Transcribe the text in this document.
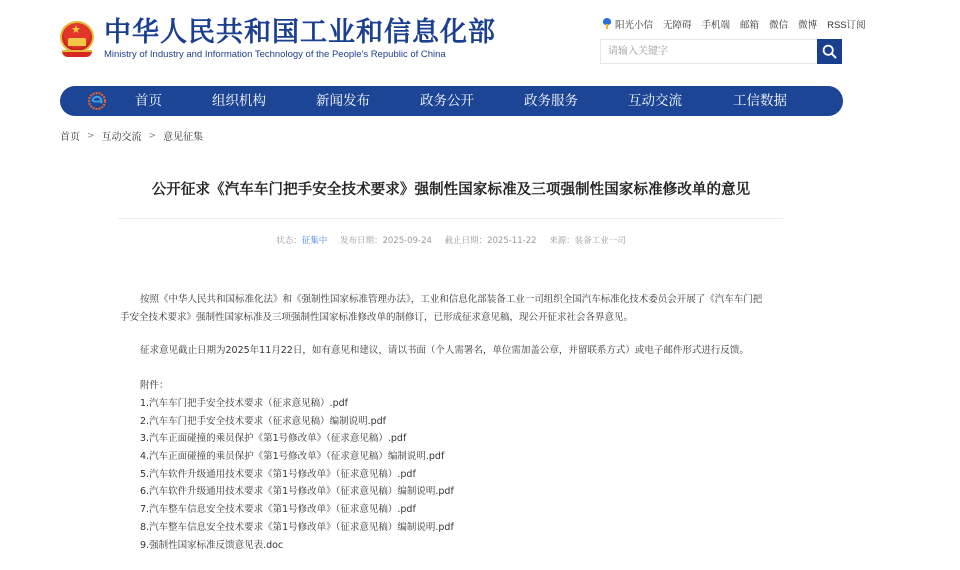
★ 中华人民共和国工业和信息化部
Ministry of Industry and Information Technology of the People's Republic of China
阳光小信 无障碍 手机端 邮箱 微信 微博 RSS订阅
请输入关键字
首页	组织机构	新闻发布	政务公开	政务服务	互动交流	工信数据
首页 > 互动交流 > 意见征集
公开征求《汽车车门把手安全技术要求》强制性国家标准及三项强制性国家标准修改单的意见
状态：征集中 发布日期：2025-09-24 截止日期：2025-11-22 来源：装备工业一司

按照《中华人民共和国标准化法》和《强制性国家标准管理办法》，工业和信息化部装备工业一司组织全国汽车标准化技术委员会开展了《汽车车门把
手安全技术要求》强制性国家标准及三项强制性国家标准修改单的制修订，已形成征求意见稿，现公开征求社会各界意见。

征求意见截止日期为2025年11月22日，如有意见和建议，请以书面（个人需署名，单位需加盖公章，并留联系方式）或电子邮件形式进行反馈。

附件：
1.汽车车门把手安全技术要求（征求意见稿）.pdf
2.汽车车门把手安全技术要求（征求意见稿）编制说明.pdf
3.汽车正面碰撞的乘员保护《第1号修改单》（征求意见稿）.pdf
4.汽车正面碰撞的乘员保护《第1号修改单》（征求意见稿）编制说明.pdf
5.汽车软件升级通用技术要求《第1号修改单》（征求意见稿）.pdf
6.汽车软件升级通用技术要求《第1号修改单》（征求意见稿）编制说明.pdf
7.汽车整车信息安全技术要求《第1号修改单》（征求意见稿）.pdf
8.汽车整车信息安全技术要求《第1号修改单》（征求意见稿）编制说明.pdf
9.强制性国家标准反馈意见表.doc
